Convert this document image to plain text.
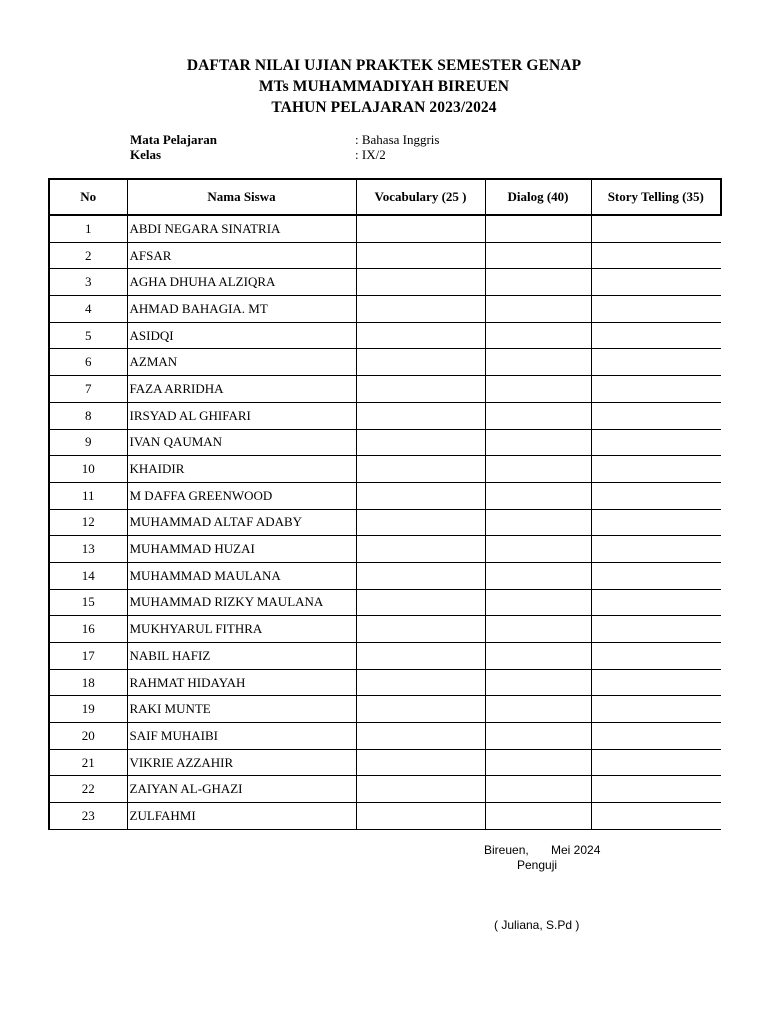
DAFTAR NILAI UJIAN PRAKTEK SEMESTER GENAP
MTs MUHAMMADIYAH BIREUEN
TAHUN PELAJARAN 2023/2024
Mata Pelajaran	: Bahasa Inggris
Kelas	: IX/2
No	Nama Siswa	Vocabulary (25 )	Dialog (40)	Story Telling (35)
1	ABDI NEGARA SINATRIA			
2	AFSAR			
3	AGHA DHUHA ALZIQRA			
4	AHMAD BAHAGIA. MT			
5	ASIDQI			
6	AZMAN			
7	FAZA ARRIDHA			
8	IRSYAD AL GHIFARI			
9	IVAN QAUMAN			
10	KHAIDIR			
11	M DAFFA GREENWOOD			
12	MUHAMMAD ALTAF ADABY			
13	MUHAMMAD HUZAI			
14	MUHAMMAD MAULANA			
15	MUHAMMAD RIZKY MAULANA			
16	MUKHYARUL FITHRA			
17	NABIL HAFIZ			
18	RAHMAT HIDAYAH			
19	RAKI MUNTE			
20	SAIF MUHAIBI			
21	VIKRIE AZZAHIR			
22	ZAIYAN AL-GHAZI			
23	ZULFAHMI			
Bireuen, Mei 2024
Penguji
( Juliana, S.Pd )
